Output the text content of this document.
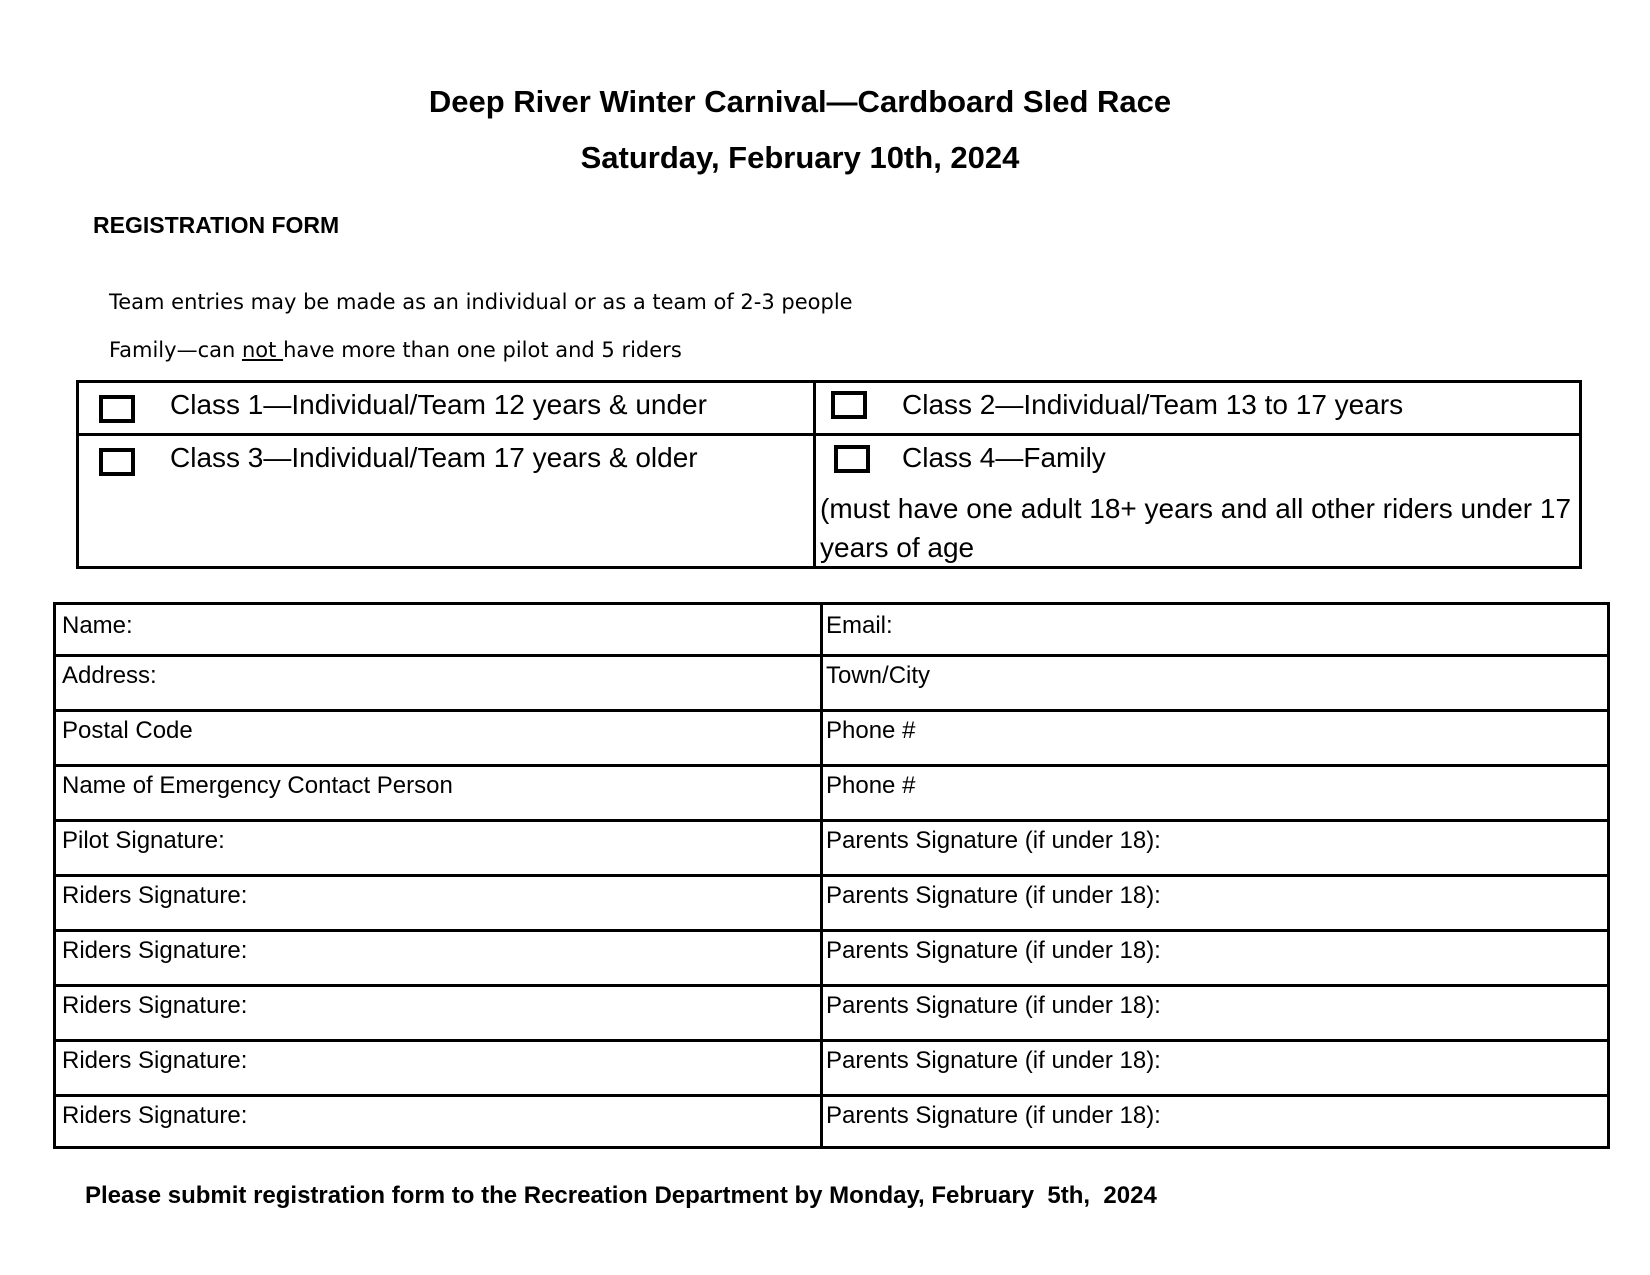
Deep River Winter Carnival—Cardboard Sled Race
Saturday, February 10th, 2024
REGISTRATION FORM
Team entries may be made as an individual or as a team of 2-3 people
Family—can not have more than one pilot and 5 riders
Class 1—Individual/Team 12 years & under	Class 2—Individual/Team 13 to 17 years
Class 3—Individual/Team 17 years & older	Class 4—Family
(must have one adult 18+ years and all other riders under 17 years of age
Name:	Email:
Address:	Town/City
Postal Code	Phone #
Name of Emergency Contact Person	Phone #
Pilot Signature:	Parents Signature (if under 18):
Riders Signature:	Parents Signature (if under 18):
Riders Signature:	Parents Signature (if under 18):
Riders Signature:	Parents Signature (if under 18):
Riders Signature:	Parents Signature (if under 18):
Riders Signature:	Parents Signature (if under 18):
Please submit registration form to the Recreation Department by Monday, February  5th,  2024
